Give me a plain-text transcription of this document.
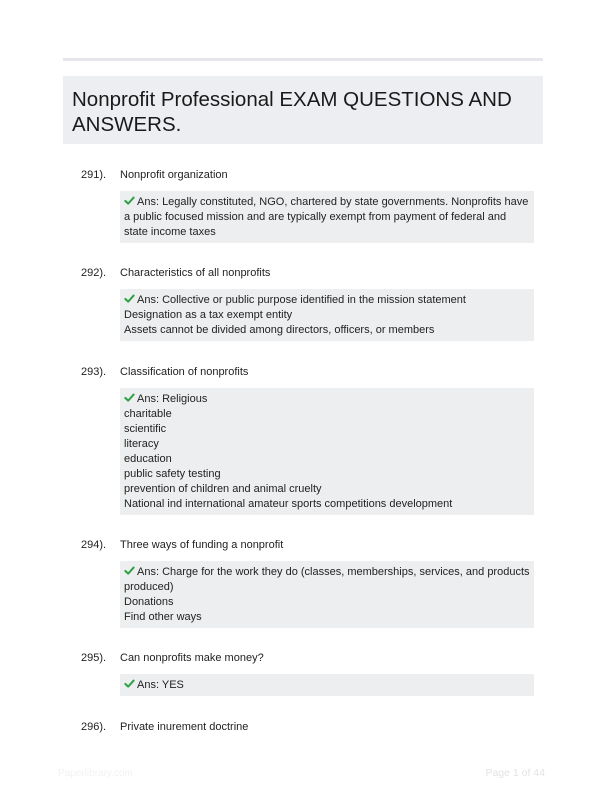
Nonprofit Professional EXAM QUESTIONS AND ANSWERS.
291). Nonprofit organization
Ans: Legally constituted, NGO, chartered by state governments. Nonprofits have a public focused mission and are typically exempt from payment of federal and state income taxes
292). Characteristics of all nonprofits
Ans: Collective or public purpose identified in the mission statement
Designation as a tax exempt entity
Assets cannot be divided among directors, officers, or members
293). Classification of nonprofits
Ans: Religious
charitable
scientific
literacy
education
public safety testing
prevention of children and animal cruelty
National ind international amateur sports competitions development
294). Three ways of funding a nonprofit
Ans: Charge for the work they do (classes, memberships, services, and products produced)
Donations
Find other ways
295). Can nonprofits make money?
Ans: YES
296). Private inurement doctrine
Paperlibrary.com	Page 1 of 44
